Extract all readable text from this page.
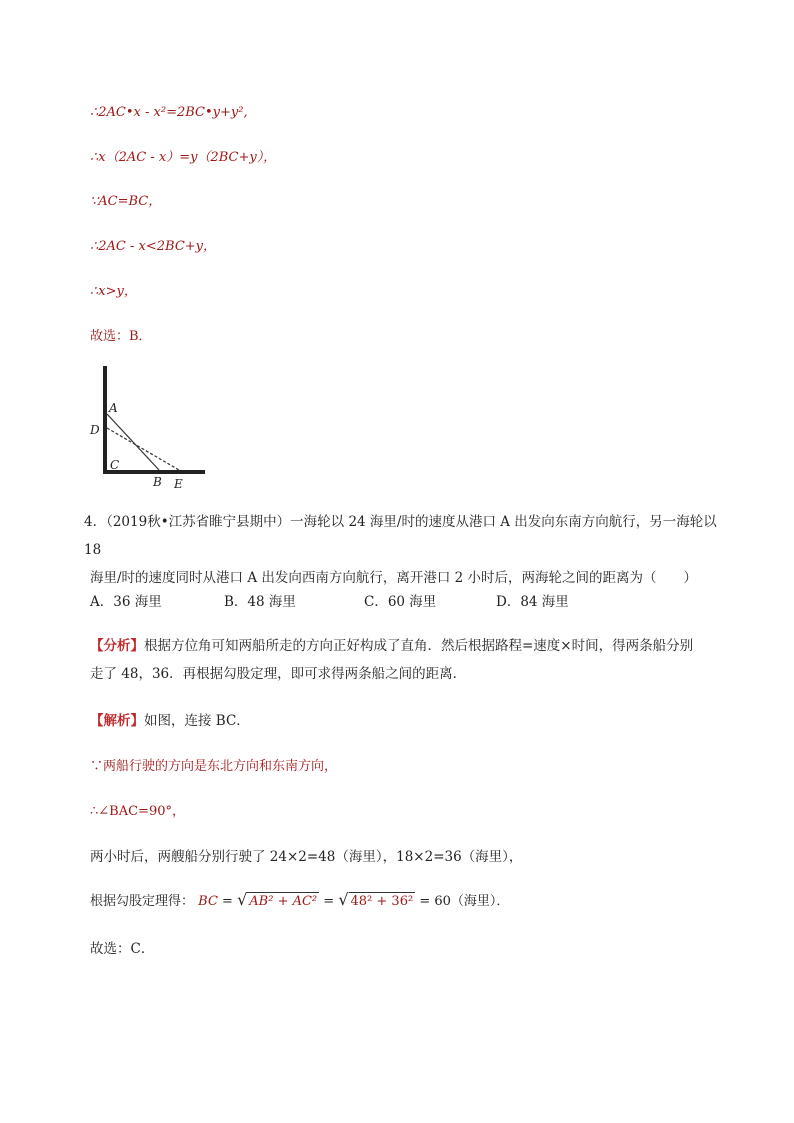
∴2AC•x - x²=2BC•y+y²,
∴x（2AC - x）=y（2BC+y），
∵AC=BC，
∴2AC - x<2BC+y，
∴x>y，
故选：B．
A
D
C
B E
4．（2019秋•江苏省睢宁县期中）一海轮以 24 海里/时的速度从港口 A 出发向东南方向航行，另一海轮以 18
海里/时的速度同时从港口 A 出发向西南方向航行，离开港口 2 小时后，两海轮之间的距离为（　　）
A．36 海里	B．48 海里	C．60 海里	D．84 海里
【分析】根据方位角可知两船所走的方向正好构成了直角．然后根据路程=速度×时间，得两条船分别
走了 48，36．再根据勾股定理，即可求得两条船之间的距离．
【解析】如图，连接 BC．
∵两船行驶的方向是东北方向和东南方向，
∴∠BAC=90°，
两小时后，两艘船分别行驶了 24×2=48（海里），18×2=36（海里），
根据勾股定理得： BC = √ AB² + AC² = √ 48² + 36² = 60（海里）．
故选：C．
